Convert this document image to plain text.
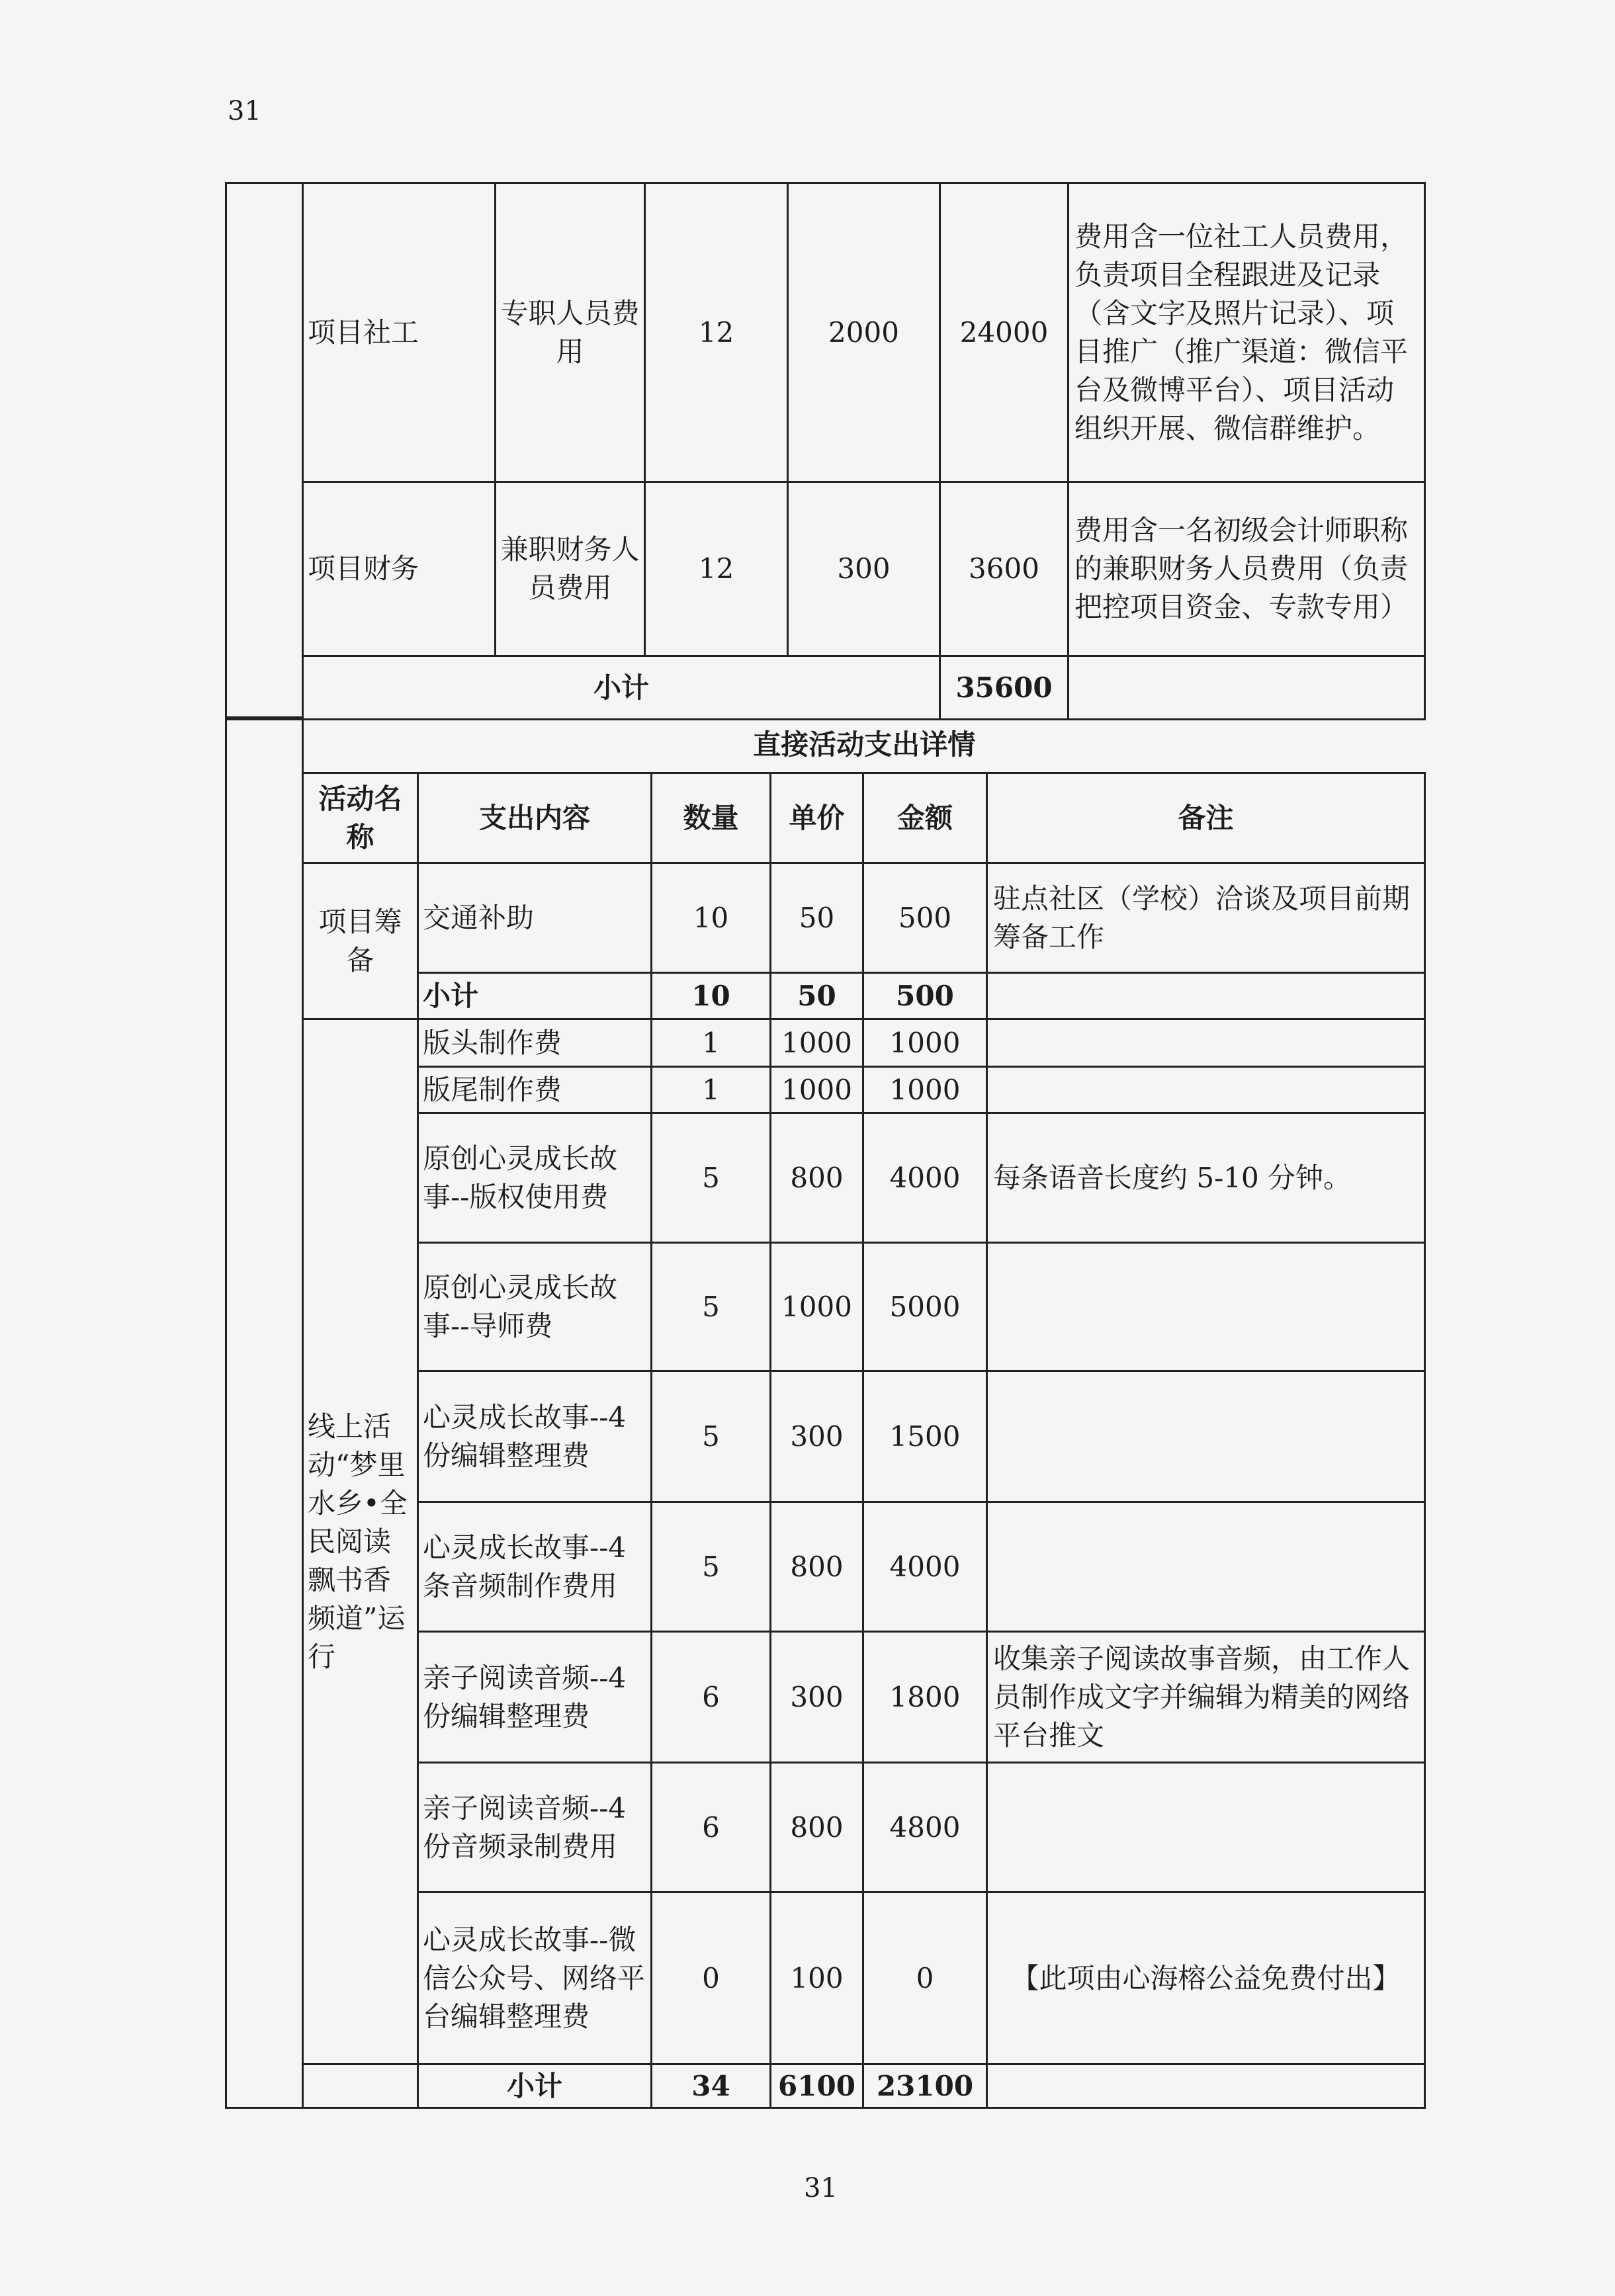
31
	项目社工	专职人员费用	12	2000	24000	费用含一位社工人员费用，负责项目全程跟进及记录（含文字及照片记录）、项目推广（推广渠道：微信平台及微博平台）、项目活动组织开展、微信群维护。
	项目财务	兼职财务人员费用	12	300	3600	费用含一名初级会计师职称的兼职财务人员费用（负责把控项目资金、专款专用）
	小计				35600	
	直接活动支出详情					
	活动名称	支出内容	数量	单价	金额	备注
	项目筹备	交通补助	10	50	500	驻点社区（学校）洽谈及项目前期筹备工作
		小计	10	50	500	
	线上活动“梦里水乡•全民阅读飘书香频道”运行	版头制作费	1	1000	1000	
		版尾制作费	1	1000	1000	
		原创心灵成长故事--版权使用费	5	800	4000	每条语音长度约 5-10 分钟。
		原创心灵成长故事--导师费	5	1000	5000	
		心灵成长故事--4 份编辑整理费	5	300	1500	
		心灵成长故事--4 条音频制作费用	5	800	4000	
		亲子阅读音频--4 份编辑整理费	6	300	1800	收集亲子阅读故事音频，由工作人员制作成文字并编辑为精美的网络平台推文
		亲子阅读音频--4 份音频录制费用	6	800	4800	
		心灵成长故事--微信公众号、网络平台编辑整理费	0	100	0	【此项由心海榕公益免费付出】
		小计	34	6100	23100	
31
